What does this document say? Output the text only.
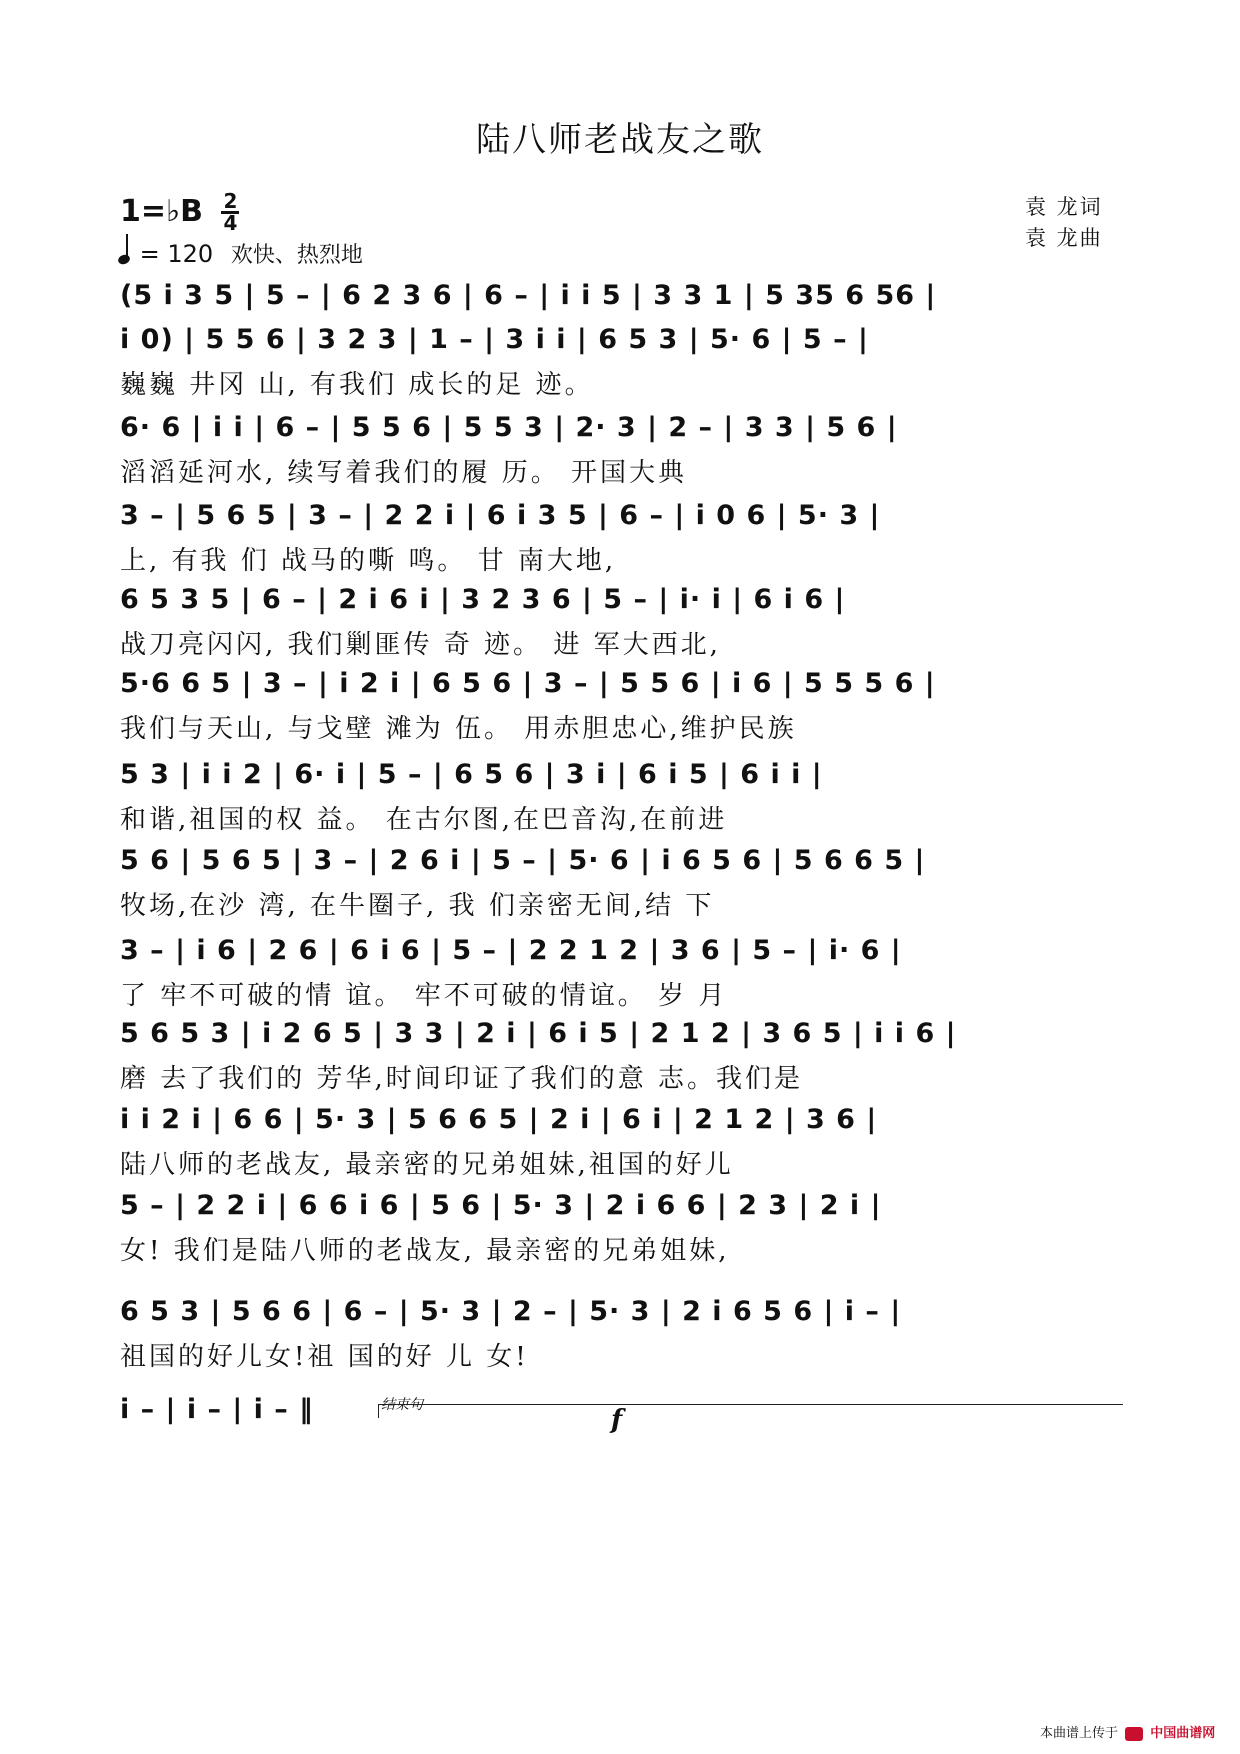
陆八师老战友之歌
1=♭B $\frac{2}{4}$
= 120 欢快、热烈地
袁 龙词
袁 龙曲
(5 i 3 5 | 5 – | 6 2 3 6 | 6 – | i i 5 | 3 3 1 | 5 35 6 56 |
i 0) | 5 5 6 | 3 2 3 | 1 – | 3 i i | 6 5 3 | 5· 6 | 5 – |
巍巍 井冈 山, 有我们 成长的足 迹。
6· 6 | i i | 6 – | 5 5 6 | 5 5 3 | 2· 3 | 2 – | 3 3 | 5 6 |
滔滔延河水, 续写着我们的履 历。 开国大典
3 – | 5 6 5 | 3 – | 2 2 i | 6 i 3 5 | 6 – | i 0 6 | 5· 3 |
上, 有我 们 战马的嘶 鸣。 甘 南大地,
6 5 3 5 | 6 – | 2 i 6 i | 3 2 3 6 | 5 – | i· i | 6 i 6 |
战刀亮闪闪, 我们剿匪传 奇 迹。 进 军大西北,
5·6 6 5 | 3 – | i 2 i | 6 5 6 | 3 – | 5 5 6 | i 6 | 5 5 5 6 |
我们与天山, 与戈壁 滩为 伍。 用赤胆忠心,维护民族
5 3 | i i 2 | 6· i | 5 – | 6 5 6 | 3 i | 6 i 5 | 6 i i |
和谐,祖国的权 益。 在古尔图,在巴音沟,在前进
5 6 | 5 6 5 | 3 – | 2 6 i | 5 – | 5· 6 | i 6 5 6 | 5 6 6 5 |
牧场,在沙 湾, 在牛圈子, 我 们亲密无间,结 下
3 – | i 6 | 2 6 | 6 i 6 | 5 – | 2 2 1 2 | 3 6 | 5 – | i· 6 |
了 牢不可破的情 谊。 牢不可破的情谊。 岁 月
5 6 5 3 | i 2 6 5 | 3 3 | 2 i | 6 i 5 | 2 1 2 | 3 6 5 | i i 6 |
磨 去了我们的 芳华,时间印证了我们的意 志。我们是
i i 2 i | 6 6 | 5· 3 | 5 6 6 5 | 2 i | 6 i | 2 1 2 | 3 6 |
陆八师的老战友, 最亲密的兄弟姐妹,祖国的好儿
5 – | 2 2 i | 6 6 i 6 | 5 6 | 5· 3 | 2 i 6 6 | 2 3 | 2 i |
女! 我们是陆八师的老战友, 最亲密的兄弟姐妹,
结束句	f
6 5 3 | 5 6 6 | 6 – | 5· 3 | 2 – | 5· 3 | 2 i 6 5 6 | i – |
祖国的好儿女!祖 国的好 儿 女!
i – | i – | i – ‖
本曲谱上传于 中国曲谱网
